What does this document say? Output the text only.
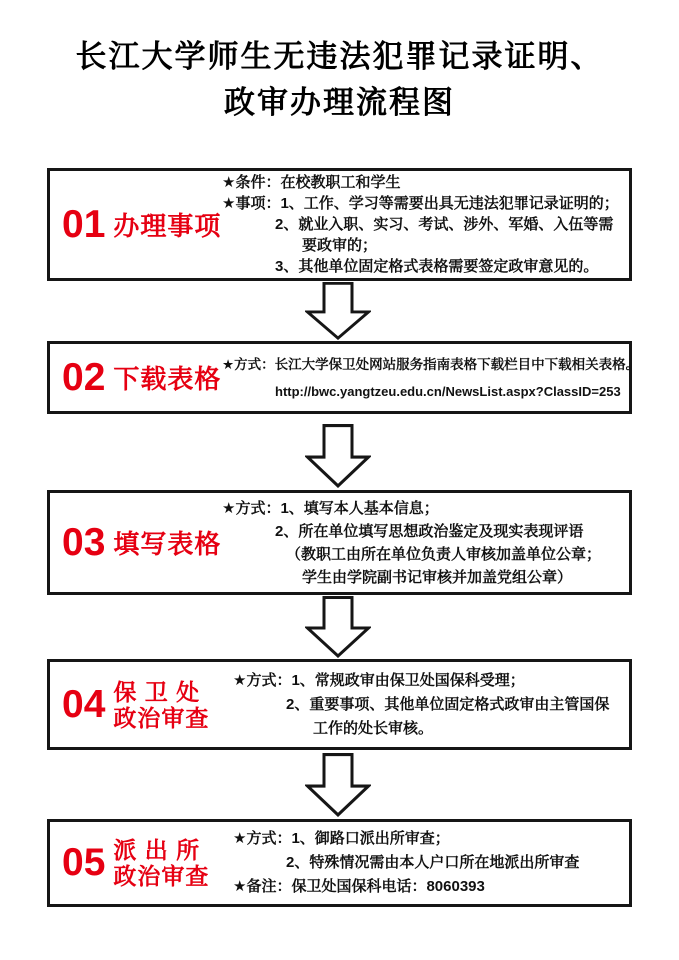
长江大学师生无违法犯罪记录证明、
政审办理流程图
01 办理事项
★条件：在校教职工和学生
★事项：1、工作、学习等需要出具无违法犯罪记录证明的；
2、就业入职、实习、考试、涉外、军婚、入伍等需
要政审的；
3、其他单位固定格式表格需要签定政审意见的。
02 下载表格 ★方式：长江大学保卫处网站服务指南表格下载栏目中下载相关表格。
http://bwc.yangtzeu.edu.cn/NewsList.aspx?ClassID=253
03 填写表格
★方式：1、填写本人基本信息；
2、所在单位填写思想政治鉴定及现实表现评语
（教职工由所在单位负责人审核加盖单位公章；
学生由学院副书记审核并加盖党组公章）
04 保 卫 处
政治审查
★方式：1、常规政审由保卫处国保科受理；
2、重要事项、其他单位固定格式政审由主管国保
工作的处长审核。
05 派 出 所
政治审查
★方式：1、御路口派出所审查；
2、特殊情况需由本人户口所在地派出所审查
★备注：保卫处国保科电话：8060393
